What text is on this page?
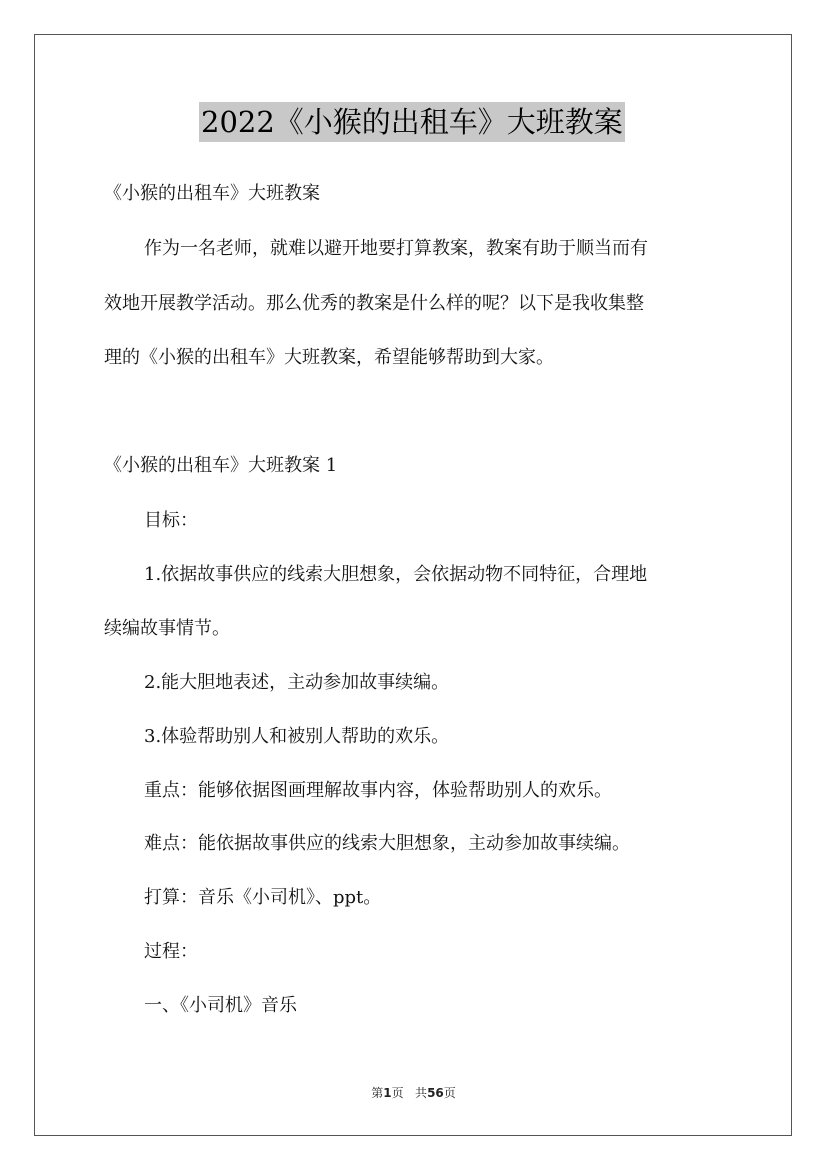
2022《小猴的出租车》大班教案
《小猴的出租车》大班教案
作为一名老师，就难以避开地要打算教案，教案有助于顺当而有
效地开展教学活动。那么优秀的教案是什么样的呢？以下是我收集整
理的《小猴的出租车》大班教案，希望能够帮助到大家。
《小猴的出租车》大班教案 1
目标：
1.依据故事供应的线索大胆想象，会依据动物不同特征，合理地
续编故事情节。
2.能大胆地表述，主动参加故事续编。
3.体验帮助别人和被别人帮助的欢乐。
重点：能够依据图画理解故事内容，体验帮助别人的欢乐。
难点：能依据故事供应的线索大胆想象，主动参加故事续编。
打算：音乐《小司机》、ppt。
过程：
一、《小司机》音乐
第1页 共56页
